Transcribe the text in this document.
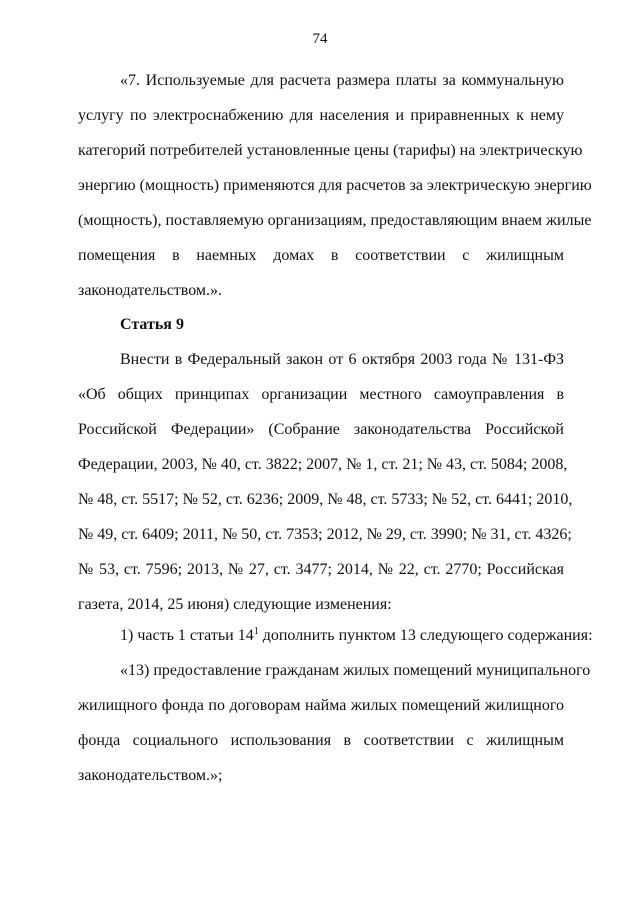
74
«7. Используемые для расчета размера платы за коммунальную
услугу по электроснабжению для населения и приравненных к нему
категорий потребителей установленные цены (тарифы) на электрическую
энергию (мощность) применяются для расчетов за электрическую энергию
(мощность), поставляемую организациям, предоставляющим внаем жилые
помещения в наемных домах в соответствии с жилищным
законодательством.».
Статья 9
Внести в Федеральный закон от 6 октября 2003 года № 131-ФЗ
«Об общих принципах организации местного самоуправления в
Российской Федерации» (Собрание законодательства Российской
Федерации, 2003, № 40, ст. 3822; 2007, № 1, ст. 21; № 43, ст. 5084; 2008,
№ 48, ст. 5517; № 52, ст. 6236; 2009, № 48, ст. 5733; № 52, ст. 6441; 2010,
№ 49, ст. 6409; 2011, № 50, ст. 7353; 2012, № 29, ст. 3990; № 31, ст. 4326;
№ 53, ст. 7596; 2013, № 27, ст. 3477; 2014, № 22, ст. 2770; Российская
газета, 2014, 25 июня) следующие изменения:
1) часть 1 статьи $14^1$ дополнить пунктом 13 следующего содержания:
«13) предоставление гражданам жилых помещений муниципального
жилищного фонда по договорам найма жилых помещений жилищного
фонда социального использования в соответствии с жилищным
законодательством.»;
